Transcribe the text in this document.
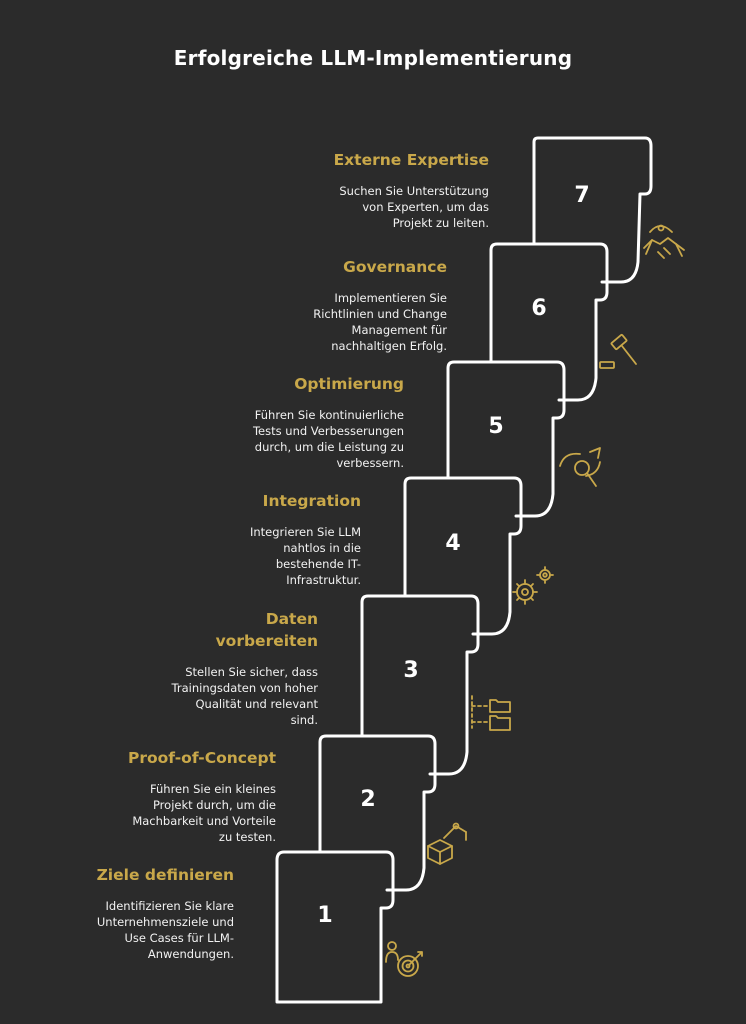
Erfolgreiche LLM-Implementierung
Externe Expertise
Suchen Sie Unterstützung
von Experten, um das
Projekt zu leiten.
Governance
Implementieren Sie
Richtlinien und Change
Management für
nachhaltigen Erfolg.
Optimierung
Führen Sie kontinuierliche
Tests und Verbesserungen
durch, um die Leistung zu
verbessern.
Integration
Integrieren Sie LLM
nahtlos in die
bestehende IT-
Infrastruktur.
Daten
vorbereiten
Stellen Sie sicher, dass
Trainingsdaten von hoher
Qualität und relevant
sind.
Proof-of-Concept
Führen Sie ein kleines
Projekt durch, um die
Machbarkeit und Vorteile
zu testen.
Ziele definieren
Identifizieren Sie klare
Unternehmensziele und
Use Cases für LLM-
Anwendungen.
7
6
5
4
3
2
1
